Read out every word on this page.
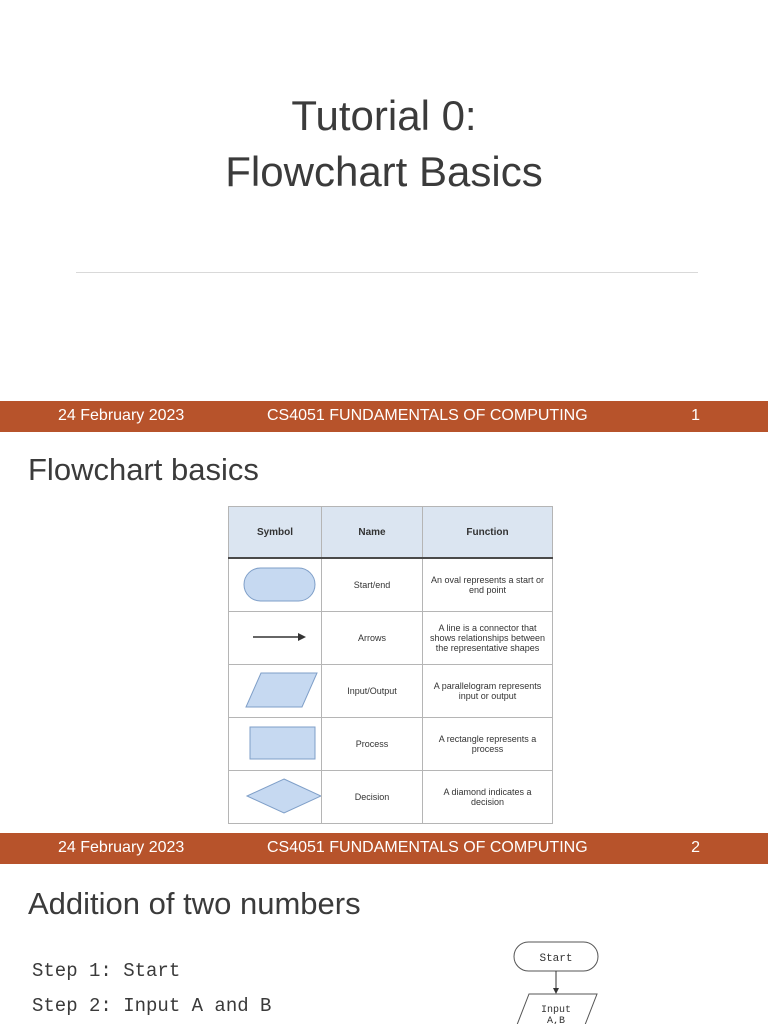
Tutorial 0:
Flowchart Basics
24 February 2023	CS4051 FUNDAMENTALS OF COMPUTING	1
Flowchart basics
Symbol	Name	Function
	Start/end	An oval represents a start or end point
	Arrows	A line is a connector that shows relationships between the representative shapes
	Input/Output	A parallelogram represents input or output
	Process	A rectangle represents a process
	Decision	A diamond indicates a decision
24 February 2023	CS4051 FUNDAMENTALS OF COMPUTING	2
Addition of two numbers
Step 1: Start
Step 2: Input A and B
Start
Input
A,B
